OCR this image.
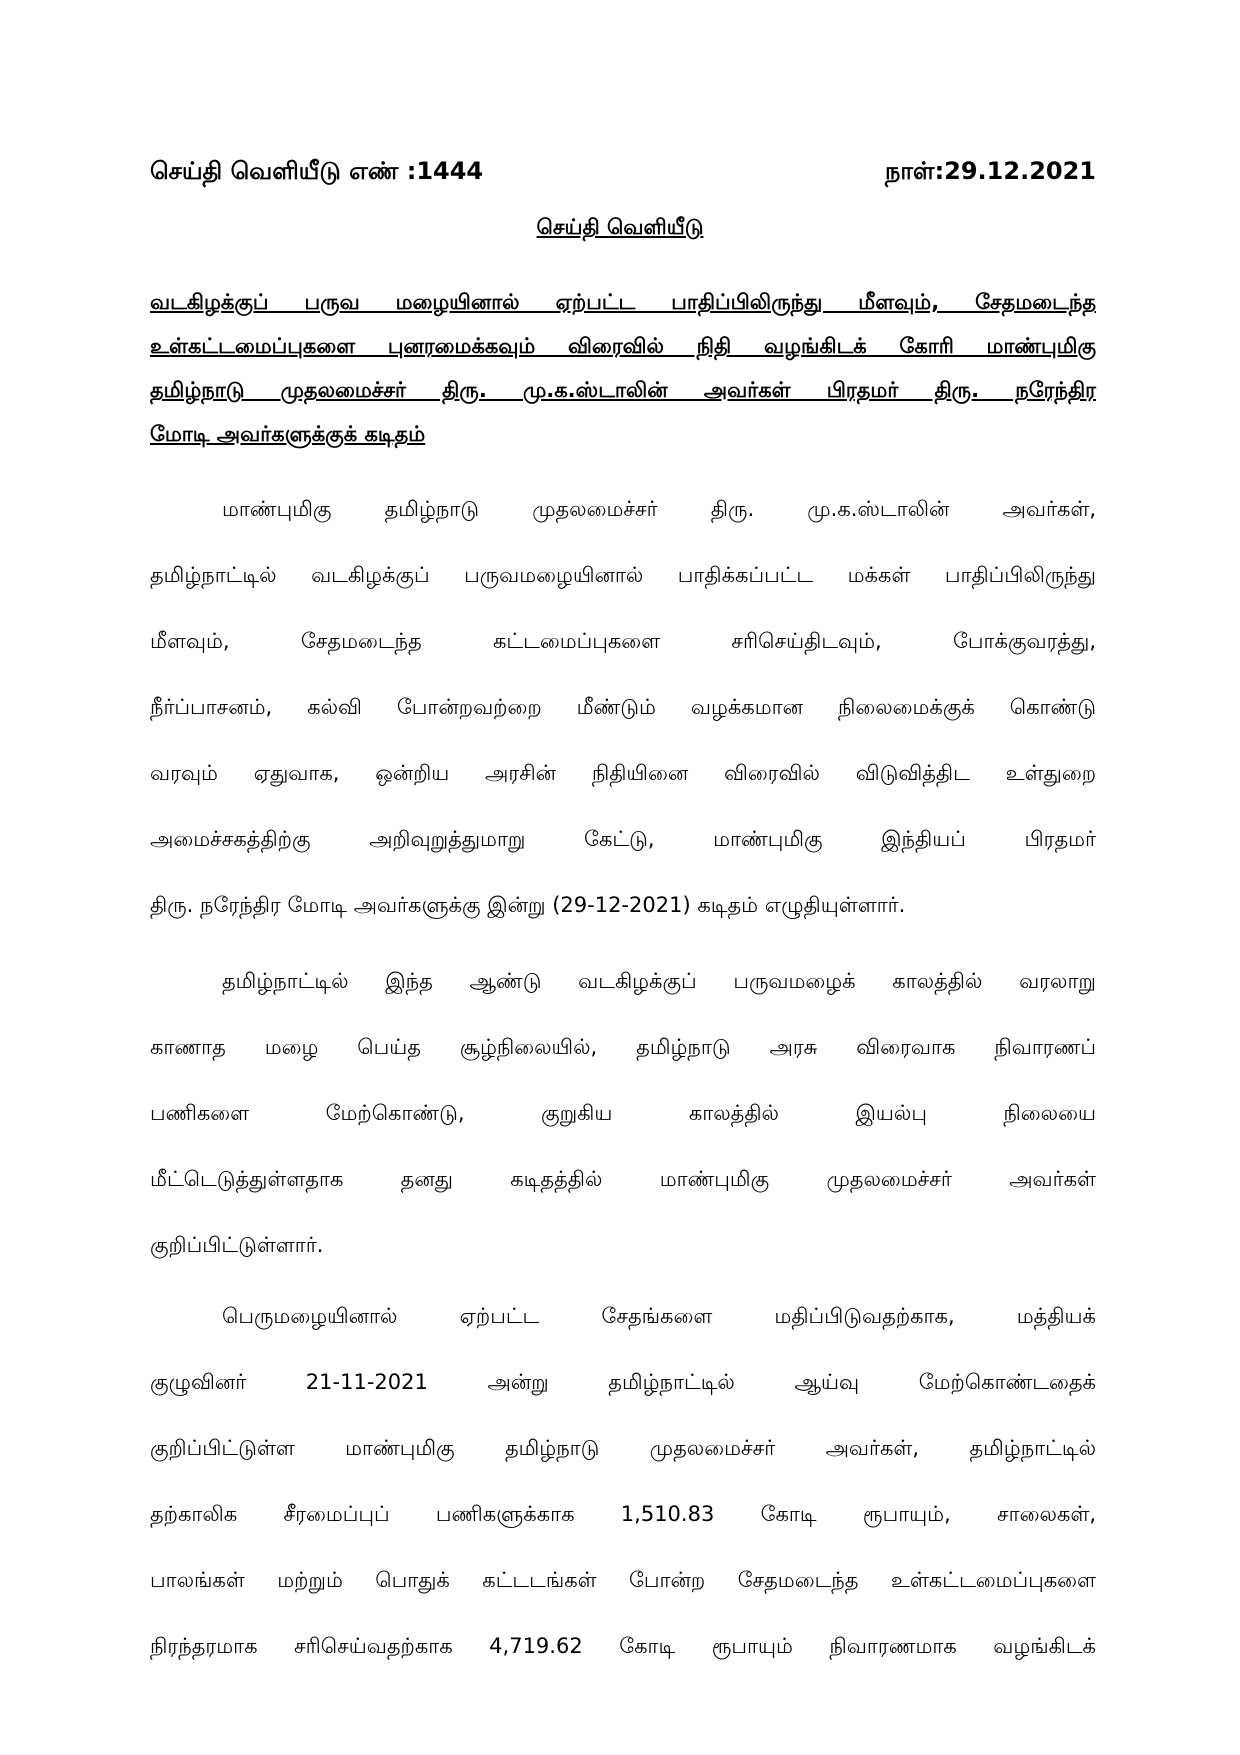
செய்தி வெளியீடு எண் :1444	நாள்:29.12.2021
செய்தி வெளியீடு
வடகிழக்குப் பருவ மழையினால் ஏற்பட்ட பாதிப்பிலிருந்து மீளவும், சேதமடைந்த
உள்கட்டமைப்புகளை புனரமைக்கவும் விரைவில் நிதி வழங்கிடக் கோரி மாண்புமிகு
தமிழ்நாடு முதலமைச்சர் திரு. மு.க.ஸ்டாலின் அவர்கள் பிரதமர் திரு. நரேந்திர
மோடி அவர்களுக்குக் கடிதம்
மாண்புமிகு தமிழ்நாடு முதலமைச்சர் திரு. மு.க.ஸ்டாலின் அவர்கள்,
தமிழ்நாட்டில் வடகிழக்குப் பருவமழையினால் பாதிக்கப்பட்ட மக்கள் பாதிப்பிலிருந்து
மீளவும், சேதமடைந்த கட்டமைப்புகளை சரிசெய்திடவும், போக்குவரத்து,
நீர்ப்பாசனம், கல்வி போன்றவற்றை மீண்டும் வழக்கமான நிலைமைக்குக் கொண்டு
வரவும் ஏதுவாக, ஒன்றிய அரசின் நிதியினை விரைவில் விடுவித்திட உள்துறை
அமைச்சகத்திற்கு அறிவுறுத்துமாறு கேட்டு, மாண்புமிகு இந்தியப் பிரதமர்
திரு. நரேந்திர மோடி அவர்களுக்கு இன்று (29-12-2021) கடிதம் எழுதியுள்ளார்.
தமிழ்நாட்டில் இந்த ஆண்டு வடகிழக்குப் பருவமழைக் காலத்தில் வரலாறு
காணாத மழை பெய்த சூழ்நிலையில், தமிழ்நாடு அரசு விரைவாக நிவாரணப்
பணிகளை மேற்கொண்டு, குறுகிய காலத்தில் இயல்பு நிலையை
மீட்டெடுத்துள்ளதாக தனது கடிதத்தில் மாண்புமிகு முதலமைச்சர் அவர்கள்
குறிப்பிட்டுள்ளார்.
பெருமழையினால் ஏற்பட்ட சேதங்களை மதிப்பிடுவதற்காக, மத்தியக்
குழுவினர் 21-11-2021 அன்று தமிழ்நாட்டில் ஆய்வு மேற்கொண்டதைக்
குறிப்பிட்டுள்ள மாண்புமிகு தமிழ்நாடு முதலமைச்சர் அவர்கள், தமிழ்நாட்டில்
தற்காலிக சீரமைப்புப் பணிகளுக்காக 1,510.83 கோடி ரூபாயும், சாலைகள்,
பாலங்கள் மற்றும் பொதுக் கட்டடங்கள் போன்ற சேதமடைந்த உள்கட்டமைப்புகளை
நிரந்தரமாக சரிசெய்வதற்காக 4,719.62 கோடி ரூபாயும் நிவாரணமாக வழங்கிடக்
